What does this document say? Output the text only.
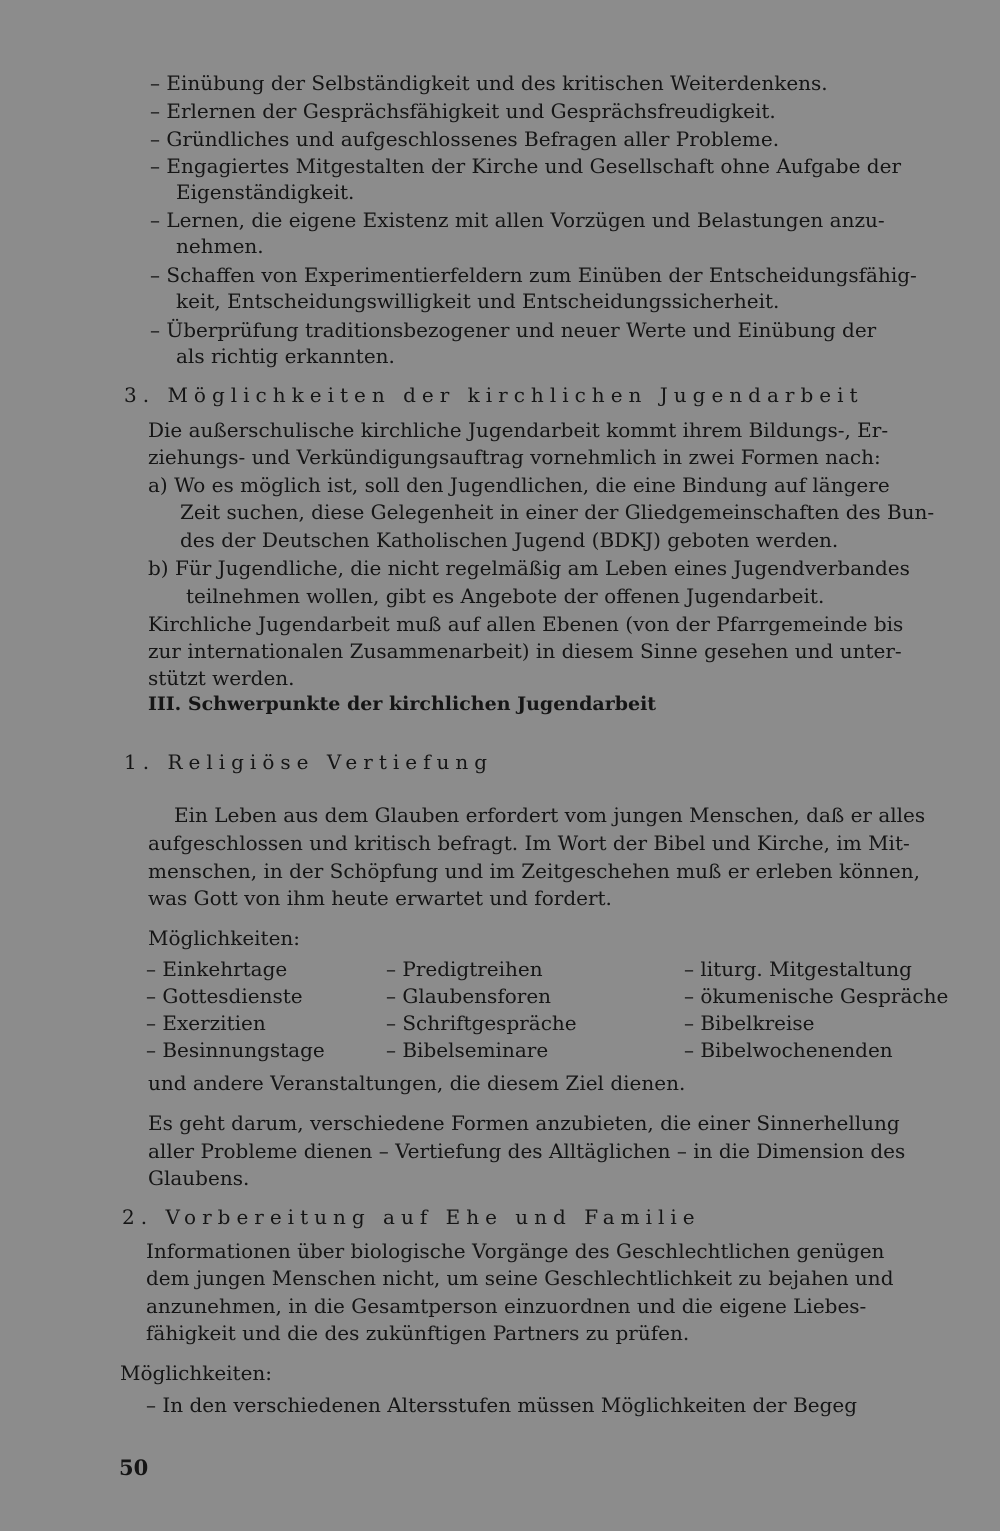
– Einübung der Selbständigkeit und des kritischen Weiterdenkens.
– Erlernen der Gesprächsfähigkeit und Gesprächsfreudigkeit.
– Gründliches und aufgeschlossenes Befragen aller Probleme.
– Engagiertes Mitgestalten der Kirche und Gesellschaft ohne Aufgabe der
Eigenständigkeit.
– Lernen, die eigene Existenz mit allen Vorzügen und Belastungen anzu-
nehmen.
– Schaffen von Experimentierfeldern zum Einüben der Entscheidungsfähig-
keit, Entscheidungswilligkeit und Entscheidungssicherheit.
– Überprüfung traditionsbezogener und neuer Werte und Einübung der
als richtig erkannten.
3. Möglichkeiten der kirchlichen Jugendarbeit
Die außerschulische kirchliche Jugendarbeit kommt ihrem Bildungs-, Er-
ziehungs- und Verkündigungsauftrag vornehmlich in zwei Formen nach:
a) Wo es möglich ist, soll den Jugendlichen, die eine Bindung auf längere
Zeit suchen, diese Gelegenheit in einer der Gliedgemeinschaften des Bun-
des der Deutschen Katholischen Jugend (BDKJ) geboten werden.
b) Für Jugendliche, die nicht regelmäßig am Leben eines Jugendverbandes
teilnehmen wollen, gibt es Angebote der offenen Jugendarbeit.
Kirchliche Jugendarbeit muß auf allen Ebenen (von der Pfarrgemeinde bis
zur internationalen Zusammenarbeit) in diesem Sinne gesehen und unter-
stützt werden.
III. Schwerpunkte der kirchlichen Jugendarbeit
1. Religiöse Vertiefung
Ein Leben aus dem Glauben erfordert vom jungen Menschen, daß er alles
aufgeschlossen und kritisch befragt. Im Wort der Bibel und Kirche, im Mit-
menschen, in der Schöpfung und im Zeitgeschehen muß er erleben können,
was Gott von ihm heute erwartet und fordert.
Möglichkeiten:
– Einkehrtage
– Gottesdienste
– Exerzitien
– Besinnungstage
– Predigtreihen
– Glaubensforen
– Schriftgespräche
– Bibelseminare
– liturg. Mitgestaltung
– ökumenische Gespräche
– Bibelkreise
– Bibelwochenenden
und andere Veranstaltungen, die diesem Ziel dienen.
Es geht darum, verschiedene Formen anzubieten, die einer Sinnerhellung
aller Probleme dienen – Vertiefung des Alltäglichen – in die Dimension des
Glaubens.
2. Vorbereitung auf Ehe und Familie
Informationen über biologische Vorgänge des Geschlechtlichen genügen
dem jungen Menschen nicht, um seine Geschlechtlichkeit zu bejahen und
anzunehmen, in die Gesamtperson einzuordnen und die eigene Liebes-
fähigkeit und die des zukünftigen Partners zu prüfen.
Möglichkeiten:
– In den verschiedenen Altersstufen müssen Möglichkeiten der Begeg
50
